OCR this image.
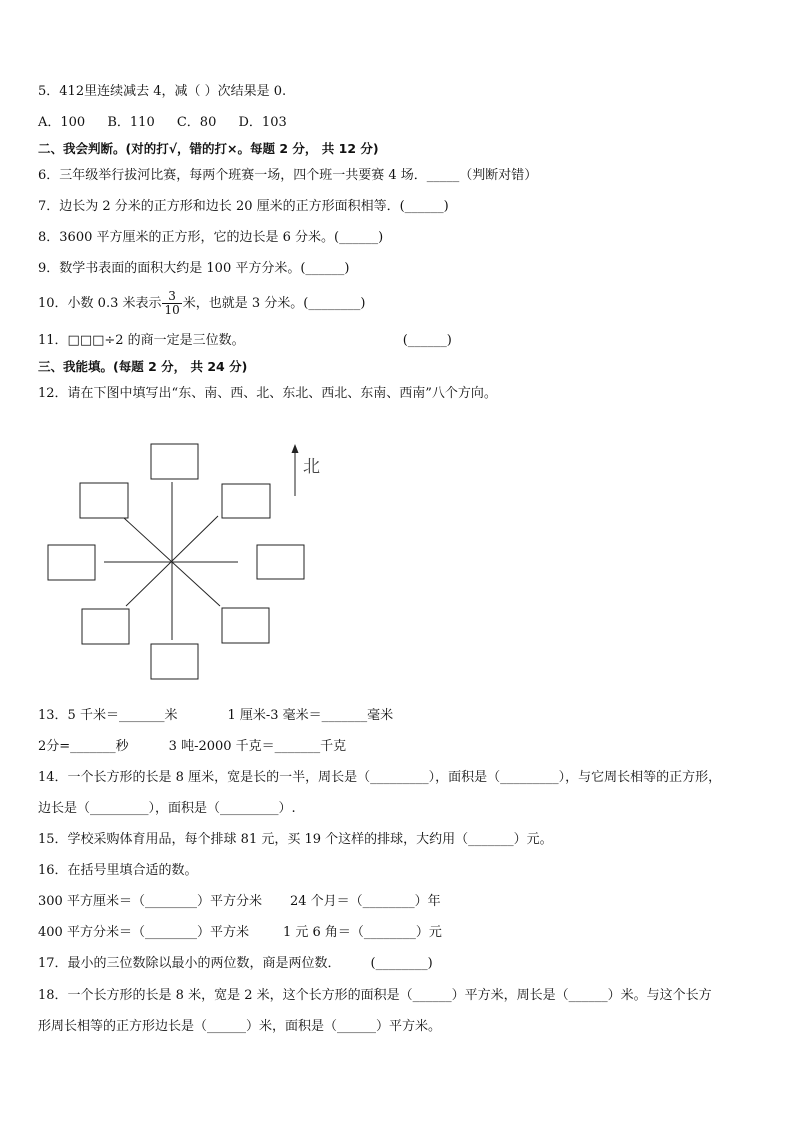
5．412里连续减去 4，减（ ）次结果是 0.
A．100 B．110 C．80 D．103
二、我会判断。(对的打√，错的打×。每题 2 分， 共 12 分)
6．三年级举行拔河比赛，每两个班赛一场，四个班一共要赛 4 场．_____（判断对错）
7．边长为 2 分米的正方形和边长 20 厘米的正方形面积相等．(______)
8．3600 平方厘米的正方形，它的边长是 6 分米。(______)
9．数学书表面的面积大约是 100 平方分米。(______)
10．小数 0.3 米表示 $\frac{3}{10}$ 米，也就是 3 分米。(________)
11．□□□÷2 的商一定是三位数。	(______)
三、我能填。(每题 2 分， 共 24 分)
12．请在下图中填写出“东、南、西、北、东北、西北、东南、西南”八个方向。
北
13．5 千米＝_______米	1 厘米-3 毫米＝_______毫米
2分=_______秒	3 吨-2000 千克＝_______千克
14．一个长方形的长是 8 厘米，宽是长的一半，周长是（_________），面积是（_________），与它周长相等的正方形，
边长是（_________），面积是（_________）.
15．学校采购体育用品，每个排球 81 元，买 19 个这样的排球，大约用（_______）元。
16．在括号里填合适的数。
300 平方厘米＝（________）平方分米 24 个月＝（________）年
400 平方分米＝（________）平方米	1 元 6 角＝（________）元
17．最小的三位数除以最小的两位数，商是两位数． (________)
18．一个长方形的长是 8 米，宽是 2 米，这个长方形的面积是（______）平方米，周长是（______）米。与这个长方
形周长相等的正方形边长是（______）米，面积是（______）平方米。
